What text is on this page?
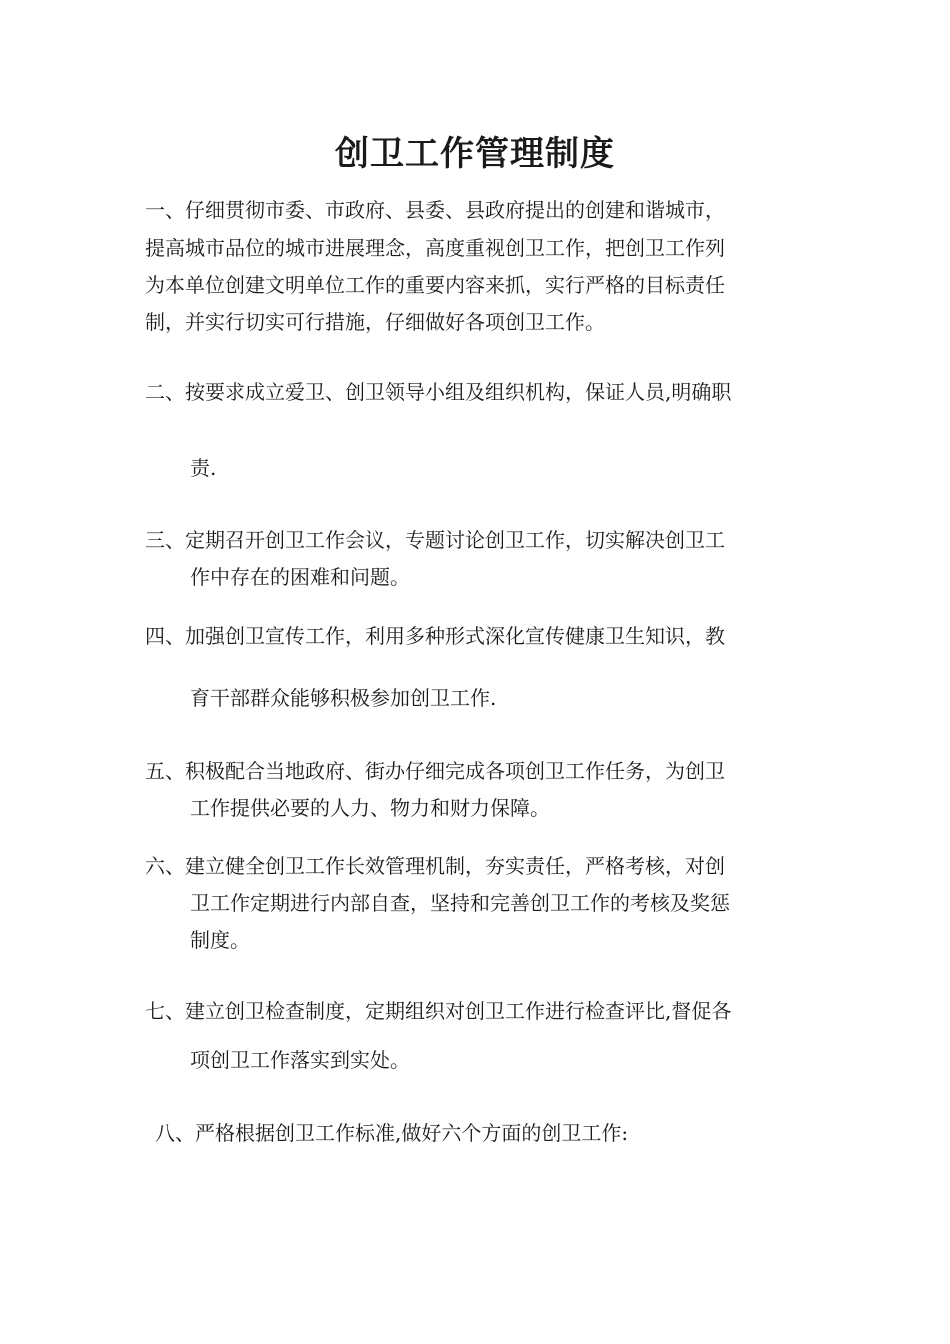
创卫工作管理制度
一、仔细贯彻市委、市政府、县委、县政府提出的创建和谐城市，
提高城市品位的城市进展理念，高度重视创卫工作，把创卫工作列
为本单位创建文明单位工作的重要内容来抓，实行严格的目标责任
制，并实行切实可行措施，仔细做好各项创卫工作。
二、按要求成立爱卫、创卫领导小组及组织机构，保证人员,明确职
责.
三、定期召开创卫工作会议，专题讨论创卫工作，切实解决创卫工
作中存在的困难和问题。
四、加强创卫宣传工作，利用多种形式深化宣传健康卫生知识，教
育干部群众能够积极参加创卫工作.
五、积极配合当地政府、街办仔细完成各项创卫工作任务，为创卫
工作提供必要的人力、物力和财力保障。
六、建立健全创卫工作长效管理机制，夯实责任，严格考核，对创
卫工作定期进行内部自查，坚持和完善创卫工作的考核及奖惩
制度。
七、建立创卫检查制度，定期组织对创卫工作进行检查评比,督促各
项创卫工作落实到实处。
八、严格根据创卫工作标准,做好六个方面的创卫工作:
